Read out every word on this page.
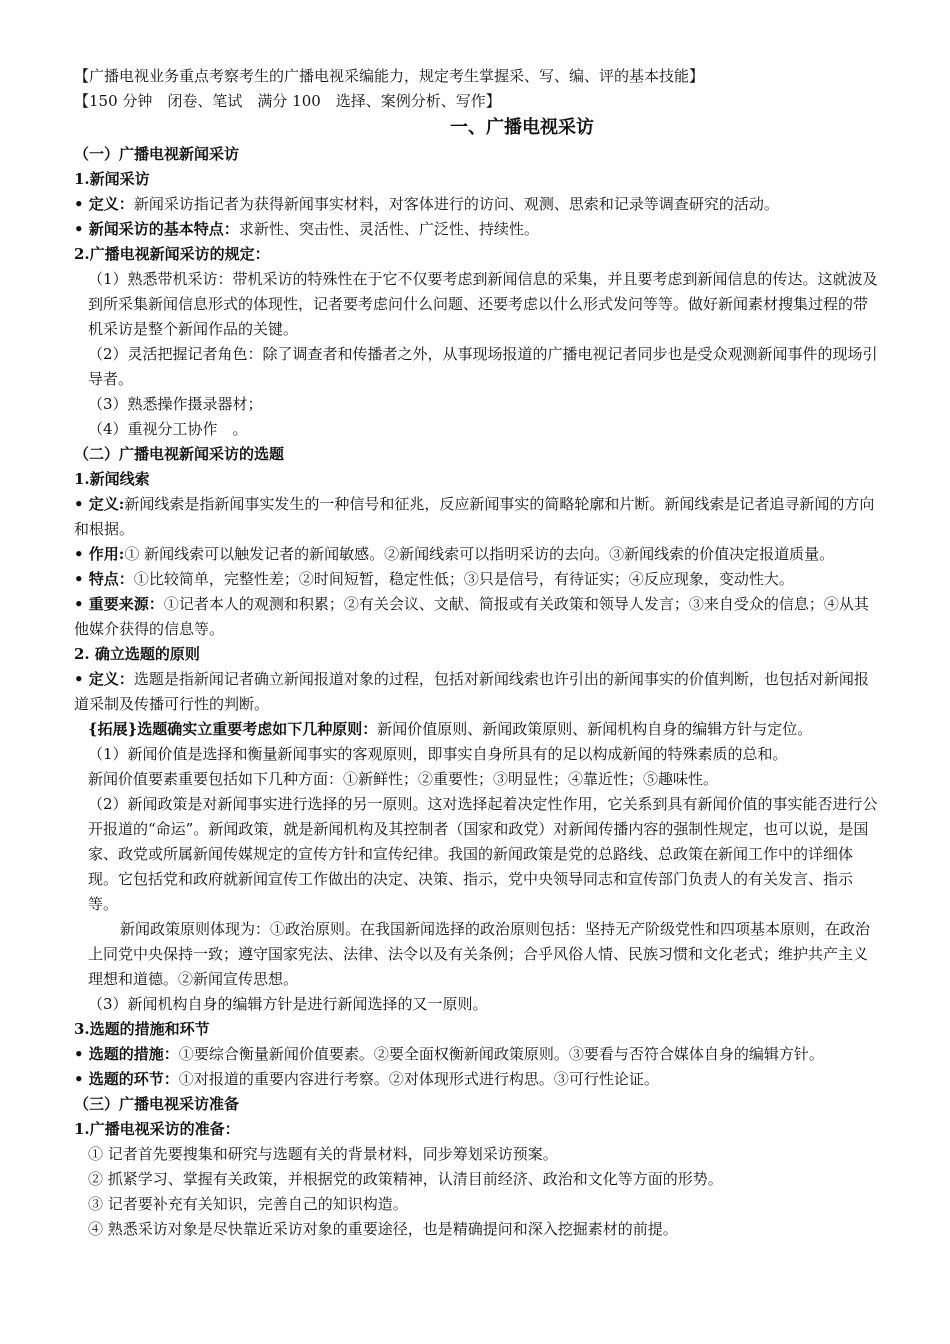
【广播电视业务重点考察考生的广播电视采编能力，规定考生掌握采、写、编、评的基本技能】

【150 分钟　闭卷、笔试　满分 100　选择、案例分析、写作】

一、广播电视采访

（一）广播电视新闻采访

1.新闻采访

• 定义：新闻采访指记者为获得新闻事实材料，对客体进行的访问、观测、思索和记录等调查研究的活动。

• 新闻采访的基本特点：求新性、突击性、灵活性、广泛性、持续性。

2.广播电视新闻采访的规定：

（1）熟悉带机采访：带机采访的特殊性在于它不仅要考虑到新闻信息的采集，并且要考虑到新闻信息的传达。这就波及到所采集新闻信息形式的体现性，记者要考虑问什么问题、还要考虑以什么形式发问等等。做好新闻素材搜集过程的带机采访是整个新闻作品的关键。

（2）灵活把握记者角色：除了调查者和传播者之外，从事现场报道的广播电视记者同步也是受众观测新闻事件的现场引导者。

（3）熟悉操作摄录器材；

（4）重视分工协作　。

（二）广播电视新闻采访的选题

1.新闻线索

• 定义:新闻线索是指新闻事实发生的一种信号和征兆，反应新闻事实的简略轮廓和片断。新闻线索是记者追寻新闻的方向和根据。

• 作用:① 新闻线索可以触发记者的新闻敏感。②新闻线索可以指明采访的去向。③新闻线索的价值决定报道质量。

• 特点：①比较简单，完整性差；②时间短暂，稳定性低；③只是信号，有待证实；④反应现象，变动性大。

• 重要来源：①记者本人的观测和积累；②有关会议、文献、简报或有关政策和领导人发言；③来自受众的信息；④从其他媒介获得的信息等。

2. 确立选题的原则

• 定义：选题是指新闻记者确立新闻报道对象的过程，包括对新闻线索也许引出的新闻事实的价值判断，也包括对新闻报道采制及传播可行性的判断。

{拓展}选题确实立重要考虑如下几种原则：新闻价值原则、新闻政策原则、新闻机构自身的编辑方针与定位。

（1）新闻价值是选择和衡量新闻事实的客观原则，即事实自身所具有的足以构成新闻的特殊素质的总和。

新闻价值要素重要包括如下几种方面：①新鲜性；②重要性；③明显性；④靠近性；⑤趣味性。

（2）新闻政策是对新闻事实进行选择的另一原则。这对选择起着决定性作用，它关系到具有新闻价值的事实能否进行公开报道的“命运”。新闻政策，就是新闻机构及其控制者（国家和政党）对新闻传播内容的强制性规定，也可以说，是国家、政党或所属新闻传媒规定的宣传方针和宣传纪律。我国的新闻政策是党的总路线、总政策在新闻工作中的详细体现。它包括党和政府就新闻宣传工作做出的决定、决策、指示，党中央领导同志和宣传部门负责人的有关发言、指示等。

新闻政策原则体现为：①政治原则。在我国新闻选择的政治原则包括：坚持无产阶级党性和四项基本原则，在政治上同党中央保持一致；遵守国家宪法、法律、法令以及有关条例；合乎风俗人情、民族习惯和文化老式；维护共产主义理想和道德。②新闻宣传思想。

（3）新闻机构自身的编辑方针是进行新闻选择的又一原则。

3.选题的措施和环节

• 选题的措施：①要综合衡量新闻价值要素。②要全面权衡新闻政策原则。③要看与否符合媒体自身的编辑方针。

• 选题的环节：①对报道的重要内容进行考察。②对体现形式进行构思。③可行性论证。

（三）广播电视采访准备

1.广播电视采访的准备：

① 记者首先要搜集和研究与选题有关的背景材料，同步筹划采访预案。

② 抓紧学习、掌握有关政策，并根据党的政策精神，认清目前经济、政治和文化等方面的形势。

③ 记者要补充有关知识，完善自己的知识构造。

④ 熟悉采访对象是尽快靠近采访对象的重要途径，也是精确提问和深入挖掘素材的前提。
